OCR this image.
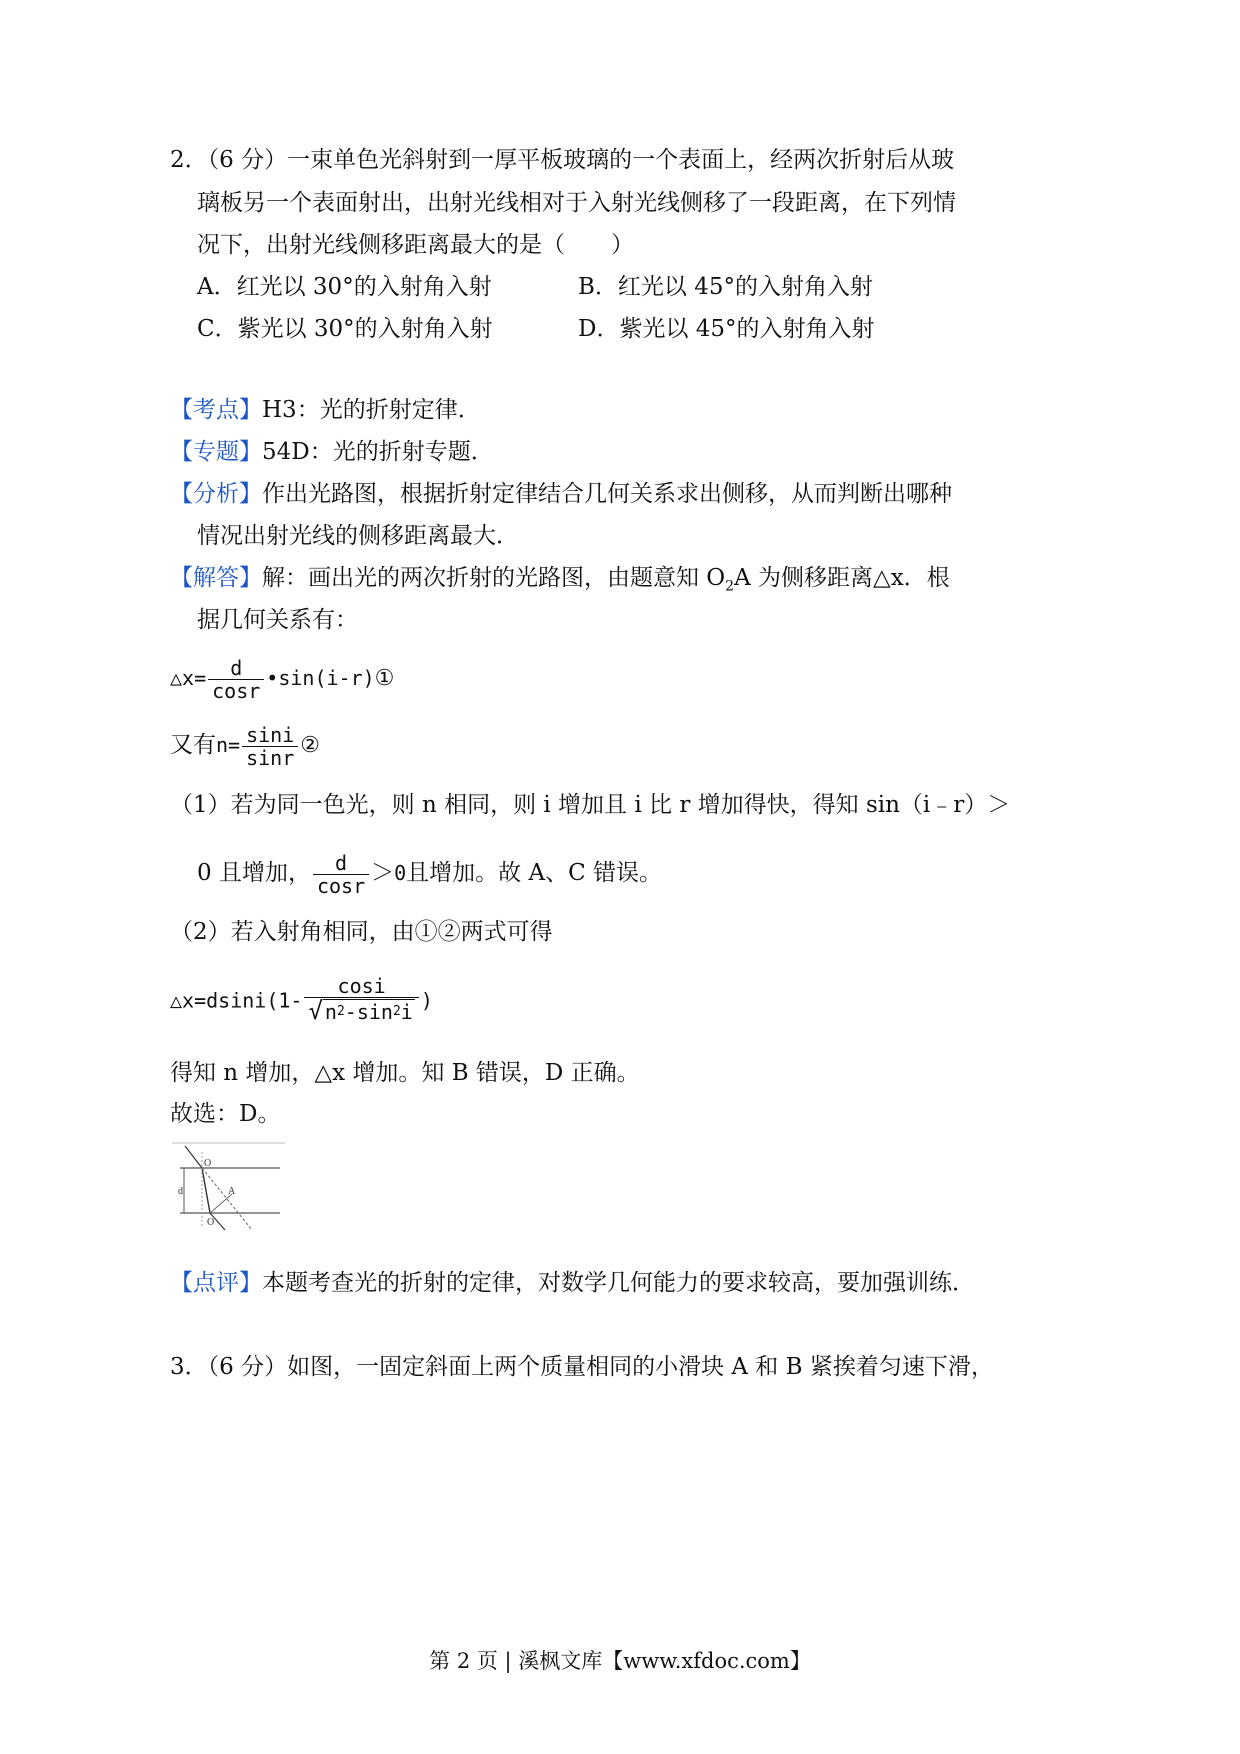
2．（6 分）一束单色光斜射到一厚平板玻璃的一个表面上，经两次折射后从玻
璃板另一个表面射出，出射光线相对于入射光线侧移了一段距离，在下列情
况下，出射光线侧移距离最大的是（　　）
A．红光以 30°的入射角入射	B．红光以 45°的入射角入射
C．紫光以 30°的入射角入射	D．紫光以 45°的入射角入射
【考点】H3：光的折射定律．
【专题】54D：光的折射专题．
【分析】作出光路图，根据折射定律结合几何关系求出侧移，从而判断出哪种
情况出射光线的侧移距离最大．
【解答】解：画出光的两次折射的光路图，由题意知 $O_2A$ 为侧移距离△x．根
据几何关系有：
△x= $\frac{d}{\cos r}$ •sin(i-r)①
又有$n= \frac{\sin i}{\sin r}$ ②
（1）若为同一色光，则 n 相同，则 i 增加且 i 比 r 增加得快，得知 sin（i﹣r）＞
0 且增加， $\frac{d}{\cos r} >0$且增加。故 A、C 错误。
（2）若入射角相同，由①②两式可得
△x=dsini(1- $\frac{\cos i}{√ n^2-\sin^2i}$ )
得知 n 增加，△x 增加。知 B 错误，D 正确。
故选：D。
O
d	A
O
【点评】本题考查光的折射的定律，对数学几何能力的要求较高，要加强训练．
3．（6 分）如图，一固定斜面上两个质量相同的小滑块 A 和 B 紧挨着匀速下滑，
第 2 页 | 溪枫文库【www.xfdoc.com】
